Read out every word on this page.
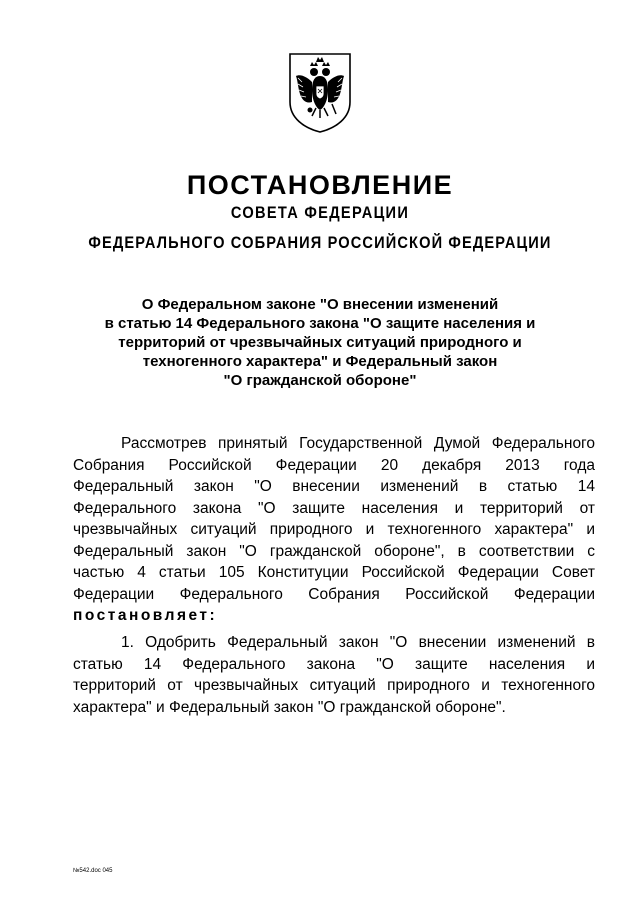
ПОСТАНОВЛЕНИЕ
СОВЕТА ФЕДЕРАЦИИ
ФЕДЕРАЛЬНОГО СОБРАНИЯ РОССИЙСКОЙ ФЕДЕРАЦИИ
О Федеральном законе "О внесении изменений
в статью 14 Федерального закона "О защите населения и
территорий от чрезвычайных ситуаций природного и
техногенного характера" и Федеральный закон
"О гражданской обороне"
Рассмотрев принятый Государственной Думой Федерального
Собрания Российской Федерации 20 декабря 2013 года
Федеральный закон "О внесении изменений в статью 14
Федерального закона "О защите населения и территорий от
чрезвычайных ситуаций природного и техногенного характера" и
Федеральный закон "О гражданской обороне", в соответствии с
частью 4 статьи 105 Конституции Российской Федерации Совет
Федерации Федерального Собрания Российской Федерации
постановляет:
1. Одобрить Федеральный закон "О внесении изменений в
статью 14 Федерального закона "О защите населения и
территорий от чрезвычайных ситуаций природного и техногенного
характера" и Федеральный закон "О гражданской обороне".
№542.doc 045
